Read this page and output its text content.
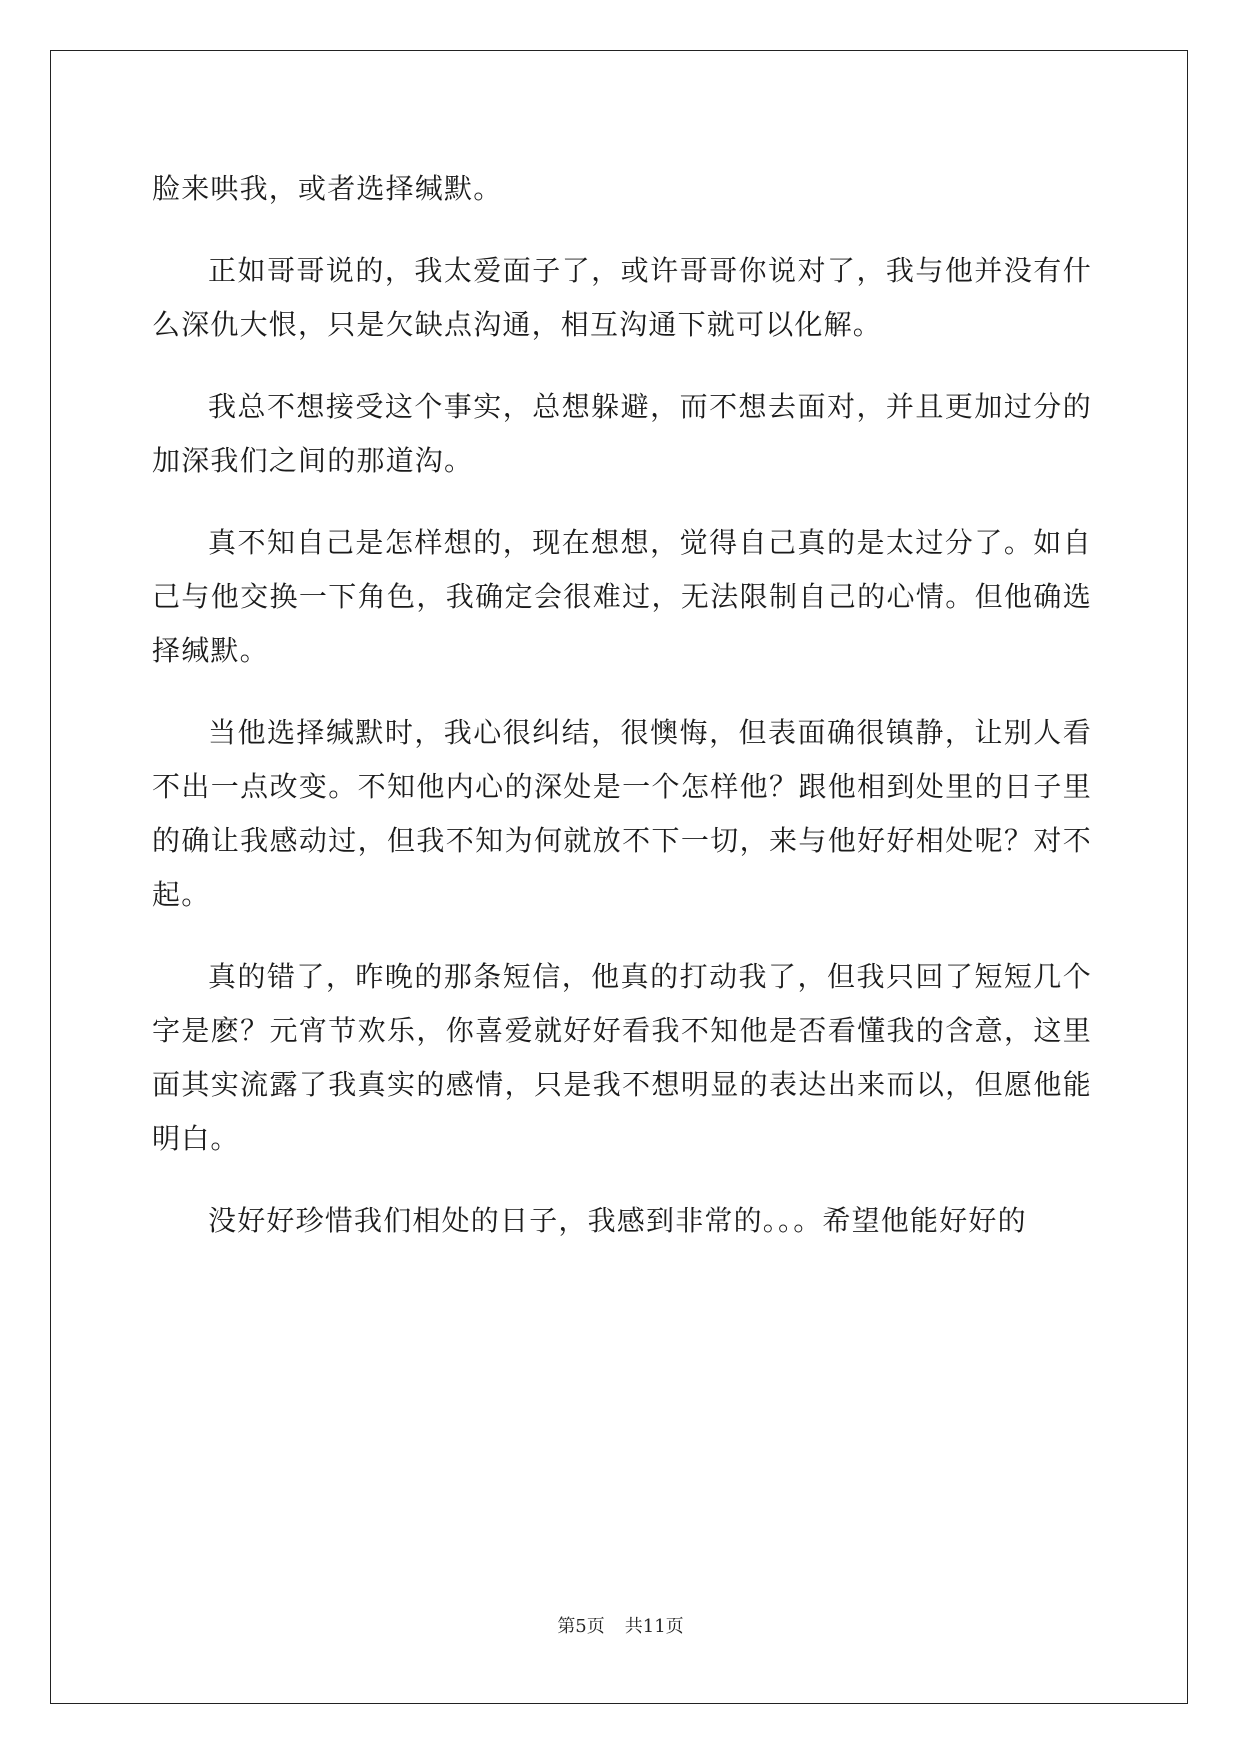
脸来哄我，或者选择缄默。

正如哥哥说的，我太爱面子了，或许哥哥你说对了，我与他并没有什么深仇大恨，只是欠缺点沟通，相互沟通下就可以化解。

我总不想接受这个事实，总想躲避，而不想去面对，并且更加过分的加深我们之间的那道沟。

真不知自己是怎样想的，现在想想，觉得自己真的是太过分了。如自己与他交换一下角色，我确定会很难过，无法限制自己的心情。但他确选择缄默。

当他选择缄默时，我心很纠结，很懊悔，但表面确很镇静，让别人看不出一点改变。不知他内心的深处是一个怎样他？跟他相到处里的日子里的确让我感动过，但我不知为何就放不下一切，来与他好好相处呢？对不起。

真的错了，昨晚的那条短信，他真的打动我了，但我只回了短短几个字是麽？元宵节欢乐，你喜爱就好好看我不知他是否看懂我的含意，这里面其实流露了我真实的感情，只是我不想明显的表达出来而以，但愿他能明白。

没好好珍惜我们相处的日子，我感到非常的。。。希望他能好好的

第5页 共11页
